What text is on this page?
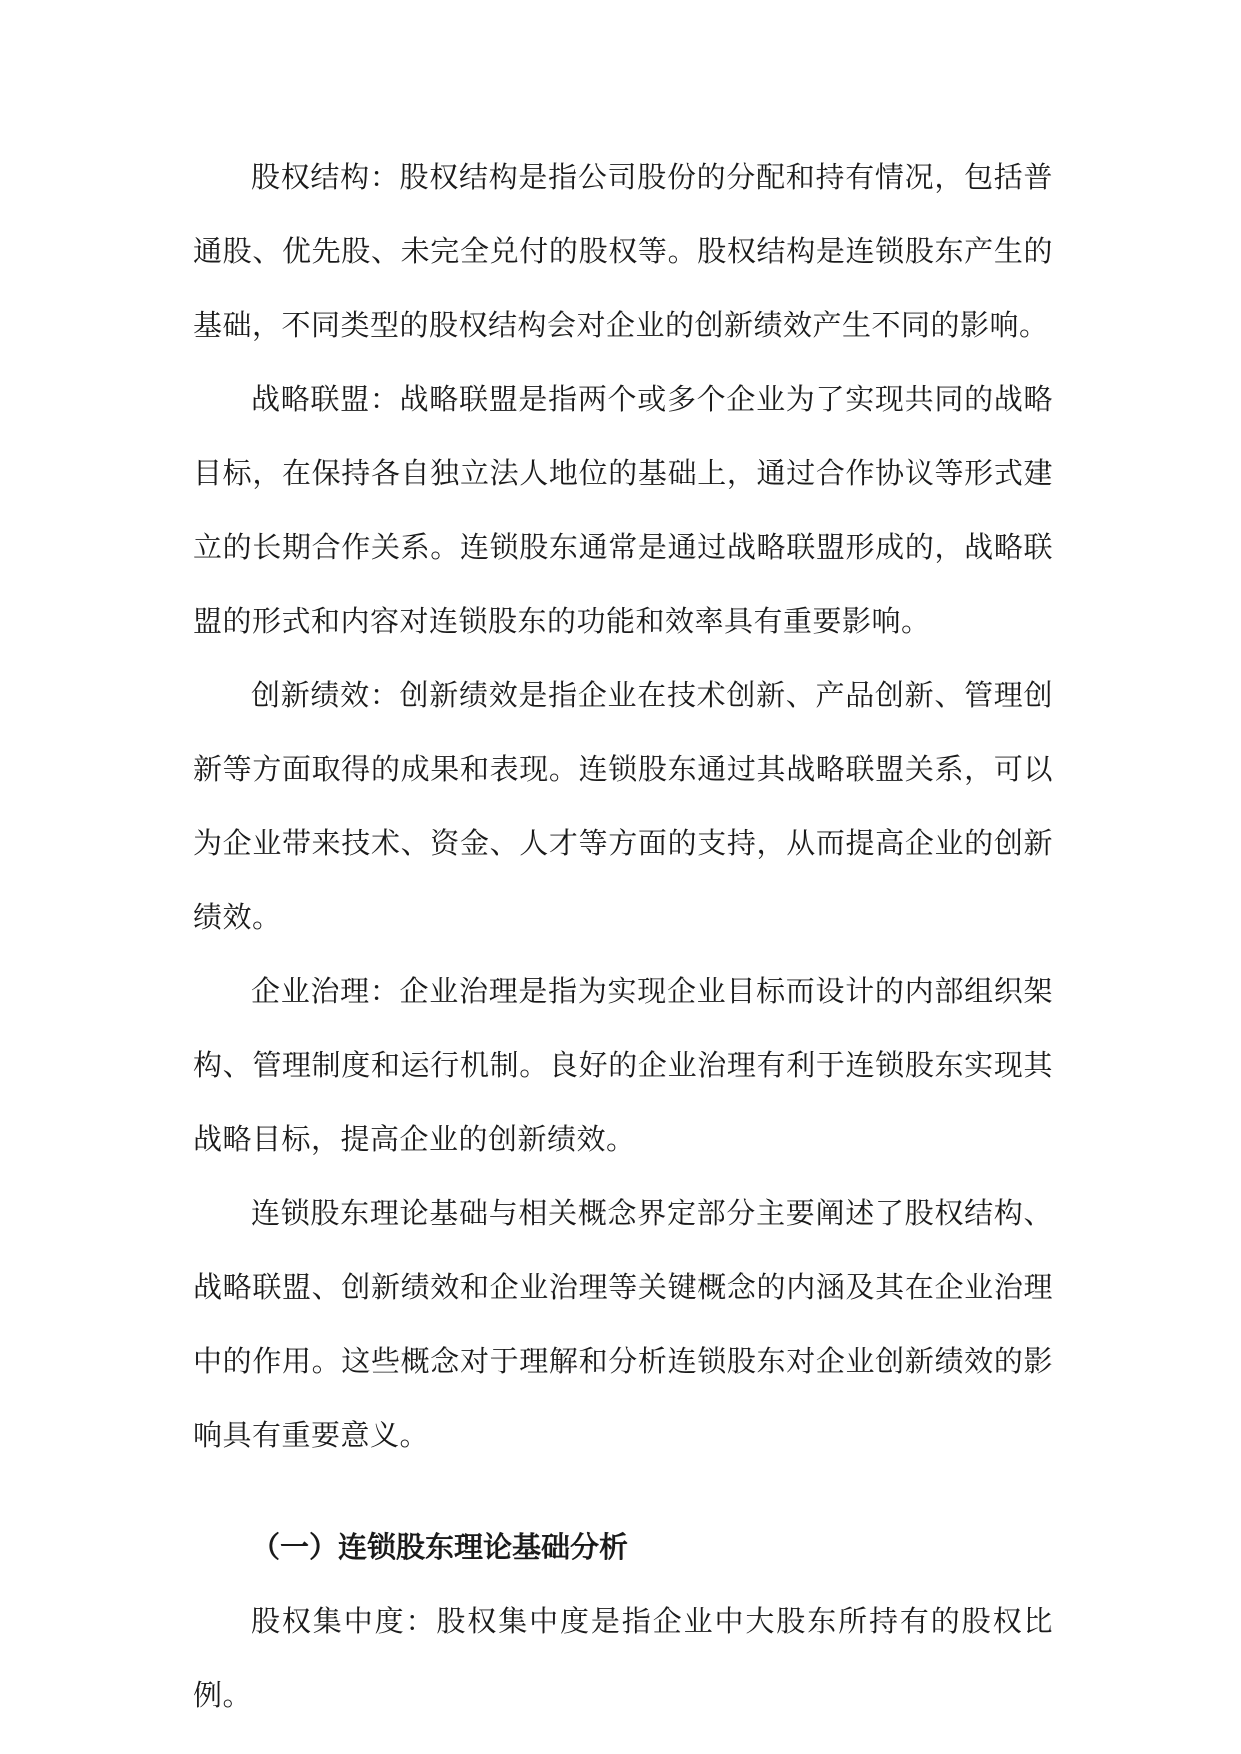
股权结构：股权结构是指公司股份的分配和持有情况，包括普通股、优先股、未完全兑付的股权等。股权结构是连锁股东产生的基础，不同类型的股权结构会对企业的创新绩效产生不同的影响。

战略联盟：战略联盟是指两个或多个企业为了实现共同的战略目标，在保持各自独立法人地位的基础上，通过合作协议等形式建立的长期合作关系。连锁股东通常是通过战略联盟形成的，战略联盟的形式和内容对连锁股东的功能和效率具有重要影响。

创新绩效：创新绩效是指企业在技术创新、产品创新、管理创新等方面取得的成果和表现。连锁股东通过其战略联盟关系，可以为企业带来技术、资金、人才等方面的支持，从而提高企业的创新绩效。

企业治理：企业治理是指为实现企业目标而设计的内部组织架构、管理制度和运行机制。良好的企业治理有利于连锁股东实现其战略目标，提高企业的创新绩效。

连锁股东理论基础与相关概念界定部分主要阐述了股权结构、战略联盟、创新绩效和企业治理等关键概念的内涵及其在企业治理中的作用。这些概念对于理解和分析连锁股东对企业创新绩效的影响具有重要意义。

（一）连锁股东理论基础分析

股权集中度：股权集中度是指企业中大股东所持有的股权比例。
